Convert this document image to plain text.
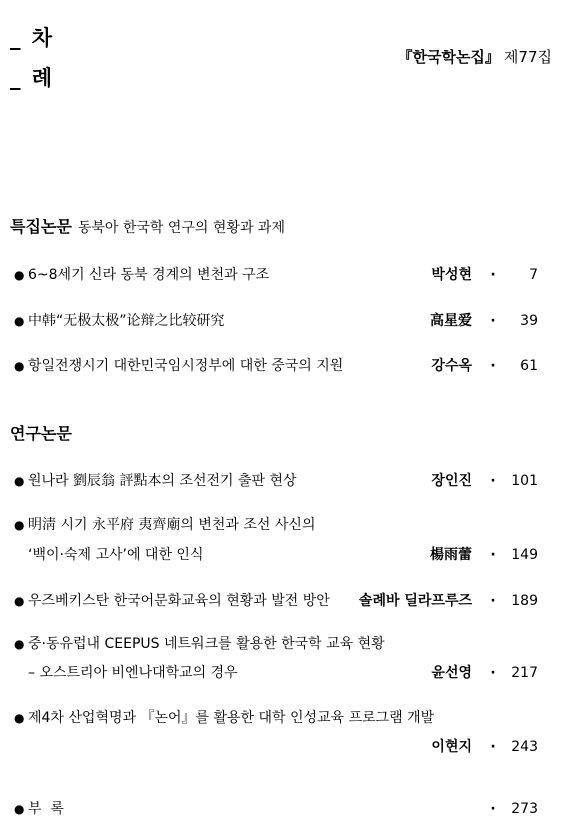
_ 차
_ 례
『한국학논집』 제77집
특집논문 동북아 한국학 연구의 현황과 과제
● 6~8세기 신라 동북 경계의 변천과 구조	박성현	·	7
● 中韩“无极太极”论辩之比较研究	高星爱	·	39
● 항일전쟁시기 대한민국임시정부에 대한 중국의 지원	강수옥	·	61
연구논문
● 원나라 劉辰翁 評點本의 조선전기 출판 현상	장인진	·	101
● 明淸 시기 永平府 夷齊廟의 변천과 조선 사신의
‘백이·숙제 고사’에 대한 인식	楊雨蕾	·	149
● 우즈베키스탄 한국어문화교육의 현황과 발전 방안	솔례바 딜라프루즈	·	189
● 중·동유럽내 CEEPUS 네트워크를 활용한 한국학 교육 현황
– 오스트리아 비엔나대학교의 경우	윤선영	·	217
● 제4차 산업혁명과 『논어』를 활용한 대학 인성교육 프로그램 개발
이현지	·	243
● 부  록	·	273
